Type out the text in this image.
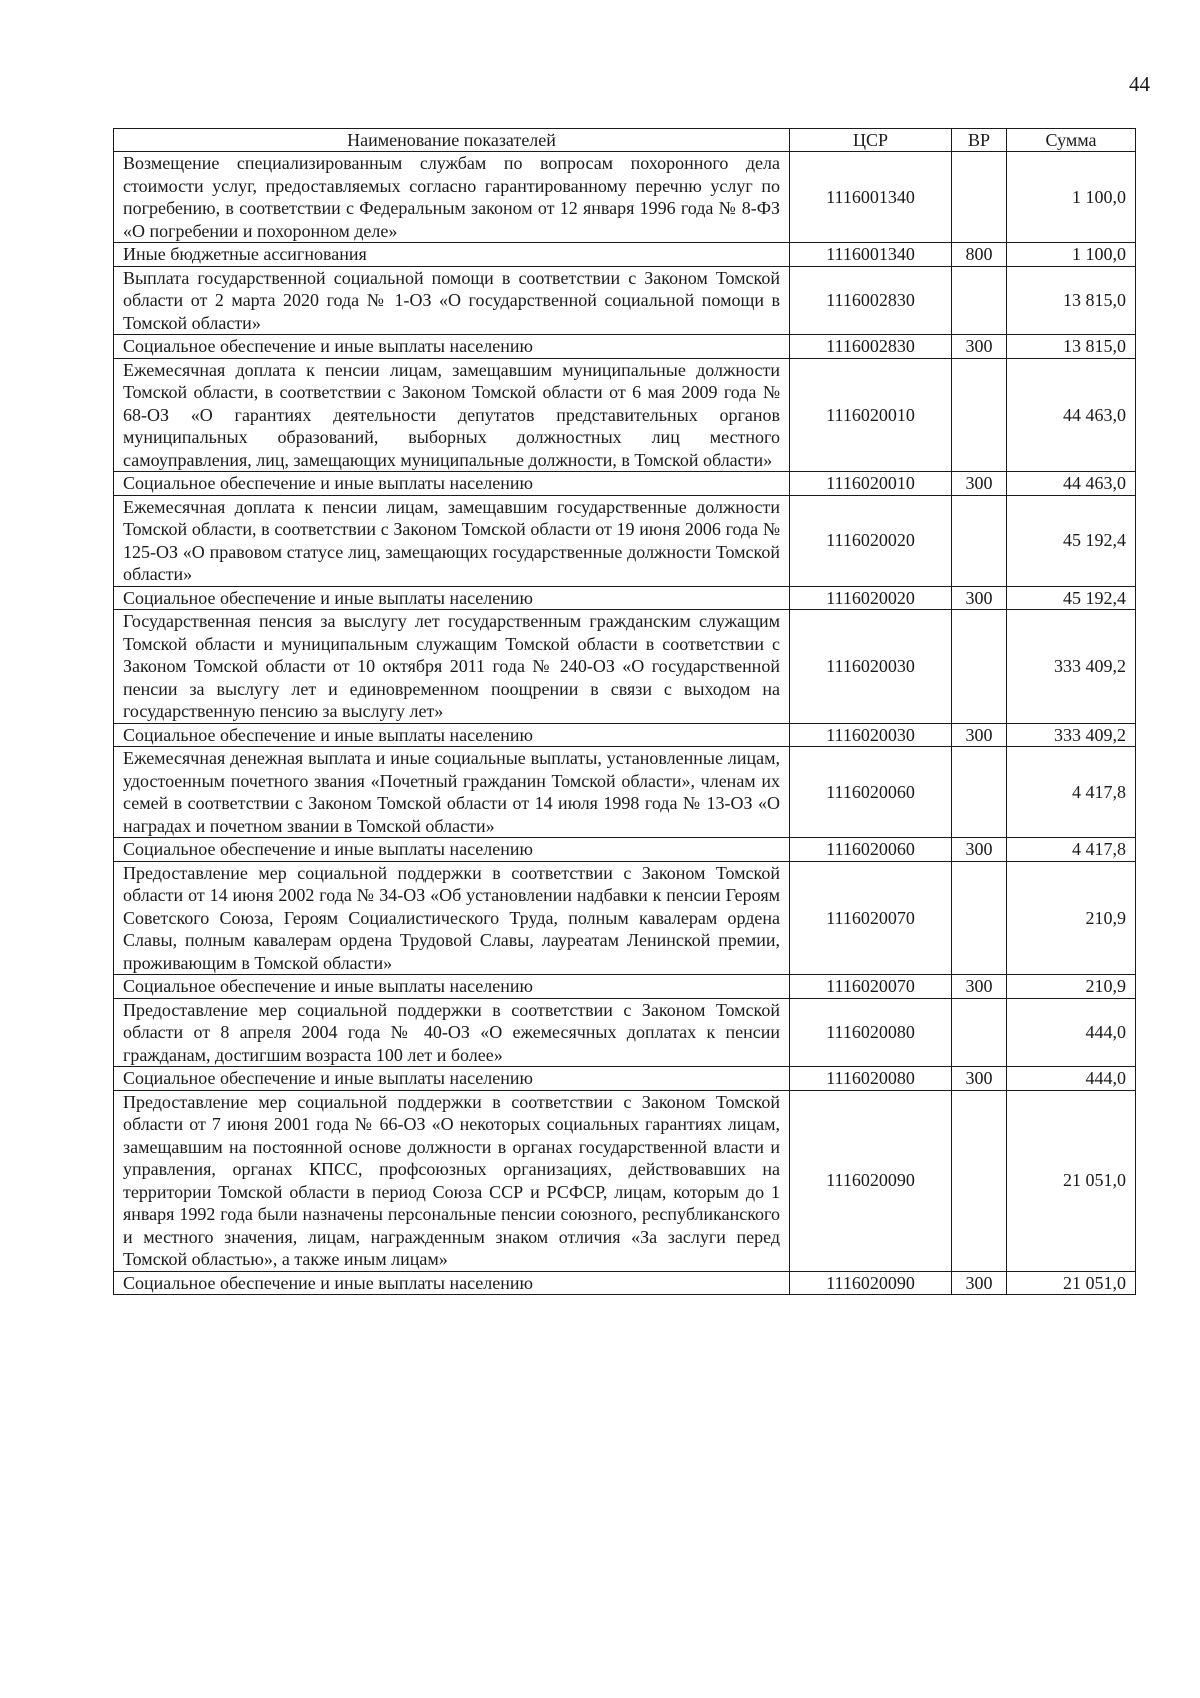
44
Наименование показателей	ЦСР	ВР	Сумма
Возмещение специализированным службам по вопросам похоронного дела стоимости услуг, предоставляемых согласно гарантированному перечню услуг по погребению, в соответствии с Федеральным законом от 12 января 1996 года № 8-ФЗ «О погребении и похоронном деле»	1116001340		1 100,0
Иные бюджетные ассигнования	1116001340	800	1 100,0
Выплата государственной социальной помощи в соответствии с Законом Томской области от 2 марта 2020 года № 1-ОЗ «О государственной социальной помощи в Томской области»	1116002830		13 815,0
Социальное обеспечение и иные выплаты населению	1116002830	300	13 815,0
Ежемесячная доплата к пенсии лицам, замещавшим муниципальные должности Томской области, в соответствии с Законом Томской области от 6 мая 2009 года № 68-ОЗ «О гарантиях деятельности депутатов представительных органов муниципальных образований, выборных должностных лиц местного самоуправления, лиц, замещающих муниципальные должности, в Томской области»	1116020010		44 463,0
Социальное обеспечение и иные выплаты населению	1116020010	300	44 463,0
Ежемесячная доплата к пенсии лицам, замещавшим государственные должности Томской области, в соответствии с Законом Томской области от 19 июня 2006 года № 125-ОЗ «О правовом статусе лиц, замещающих государственные должности Томской области»	1116020020		45 192,4
Социальное обеспечение и иные выплаты населению	1116020020	300	45 192,4
Государственная пенсия за выслугу лет государственным гражданским служащим Томской области и муниципальным служащим Томской области в соответствии с Законом Томской области от 10 октября 2011 года № 240-ОЗ «О государственной пенсии за выслугу лет и единовременном поощрении в связи с выходом на государственную пенсию за выслугу лет»	1116020030		333 409,2
Социальное обеспечение и иные выплаты населению	1116020030	300	333 409,2
Ежемесячная денежная выплата и иные социальные выплаты, установленные лицам, удостоенным почетного звания «Почетный гражданин Томской области», членам их семей в соответствии с Законом Томской области от 14 июля 1998 года № 13-ОЗ «О наградах и почетном звании в Томской области»	1116020060		4 417,8
Социальное обеспечение и иные выплаты населению	1116020060	300	4 417,8
Предоставление мер социальной поддержки в соответствии с Законом Томской области от 14 июня 2002 года № 34-ОЗ «Об установлении надбавки к пенсии Героям Советского Союза, Героям Социалистического Труда, полным кавалерам ордена Славы, полным кавалерам ордена Трудовой Славы, лауреатам Ленинской премии, проживающим в Томской области»	1116020070		210,9
Социальное обеспечение и иные выплаты населению	1116020070	300	210,9
Предоставление мер социальной поддержки в соответствии с Законом Томской области от 8 апреля 2004 года № 40-ОЗ «О ежемесячных доплатах к пенсии гражданам, достигшим возраста 100 лет и более»	1116020080		444,0
Социальное обеспечение и иные выплаты населению	1116020080	300	444,0
Предоставление мер социальной поддержки в соответствии с Законом Томской области от 7 июня 2001 года № 66-ОЗ «О некоторых социальных гарантиях лицам, замещавшим на постоянной основе должности в органах государственной власти и управления, органах КПСС, профсоюзных организациях, действовавших на территории Томской области в период Союза ССР и РСФСР, лицам, которым до 1 января 1992 года были назначены персональные пенсии союзного, республиканского и местного значения, лицам, награжденным знаком отличия «За заслуги перед Томской областью», а также иным лицам»	1116020090		21 051,0
Социальное обеспечение и иные выплаты населению	1116020090	300	21 051,0
